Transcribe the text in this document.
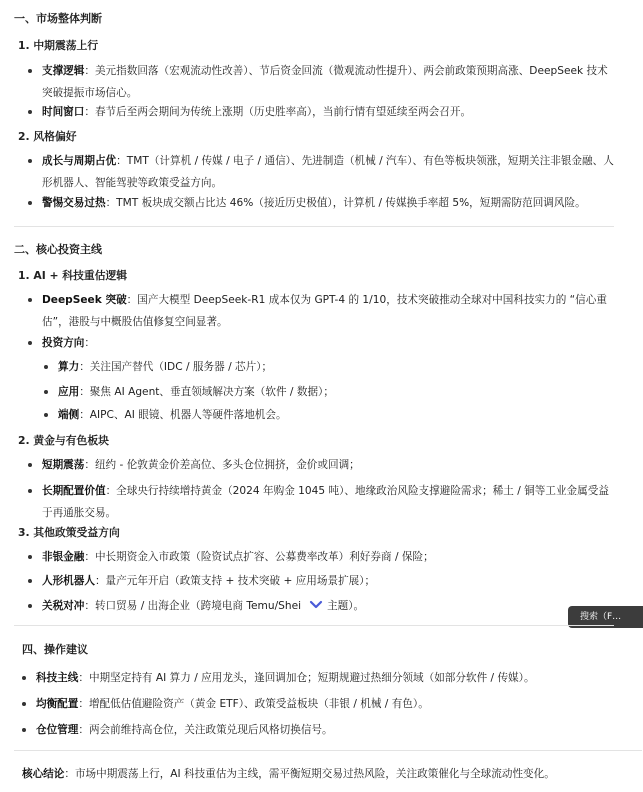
一、市场整体判断
1. 中期震荡上行
支撑逻辑：美元指数回落（宏观流动性改善）、节后资金回流（微观流动性提升）、两会前政策预期高涨、DeepSeek 技术突破提振市场信心。
时间窗口：春节后至两会期间为传统上涨期（历史胜率高），当前行情有望延续至两会召开。
2. 风格偏好
成长与周期占优：TMT（计算机 / 传媒 / 电子 / 通信）、先进制造（机械 / 汽车）、有色等板块领涨，短期关注非银金融、人形机器人、智能驾驶等政策受益方向。
警惕交易过热：TMT 板块成交额占比达 46%（接近历史极值），计算机 / 传媒换手率超 5%，短期需防范回调风险。
二、核心投资主线
1. AI + 科技重估逻辑
DeepSeek 突破：国产大模型 DeepSeek-R1 成本仅为 GPT-4 的 1/10，技术突破推动全球对中国科技实力的 “信心重估”，港股与中概股估值修复空间显著。
投资方向：
算力：关注国产替代（IDC / 服务器 / 芯片）；
应用：聚焦 AI Agent、垂直领域解决方案（软件 / 数据）；
端侧：AIPC、AI 眼镜、机器人等硬件落地机会。
2. 黄金与有色板块
短期震荡：纽约 - 伦敦黄金价差高位、多头仓位拥挤，金价或回调；
长期配置价值：全球央行持续增持黄金（2024 年购金 1045 吨）、地缘政治风险支撑避险需求；稀土 / 铜等工业金属受益于再通胀交易。
3. 其他政策受益方向
非银金融：中长期资金入市政策（险资试点扩容、公募费率改革）利好券商 / 保险；
人形机器人：量产元年开启（政策支持 + 技术突破 + 应用场景扩展）；
关税对冲：转口贸易 / 出海企业（跨境电商 Temu/Shei 主题）。
搜索（F…
四、操作建议
科技主线：中期坚定持有 AI 算力 / 应用龙头，逢回调加仓；短期规避过热细分领域（如部分软件 / 传媒）。
均衡配置：增配低估值避险资产（黄金 ETF）、政策受益板块（非银 / 机械 / 有色）。
仓位管理：两会前维持高仓位，关注政策兑现后风格切换信号。
核心结论：市场中期震荡上行，AI 科技重估为主线，需平衡短期交易过热风险，关注政策催化与全球流动性变化。
